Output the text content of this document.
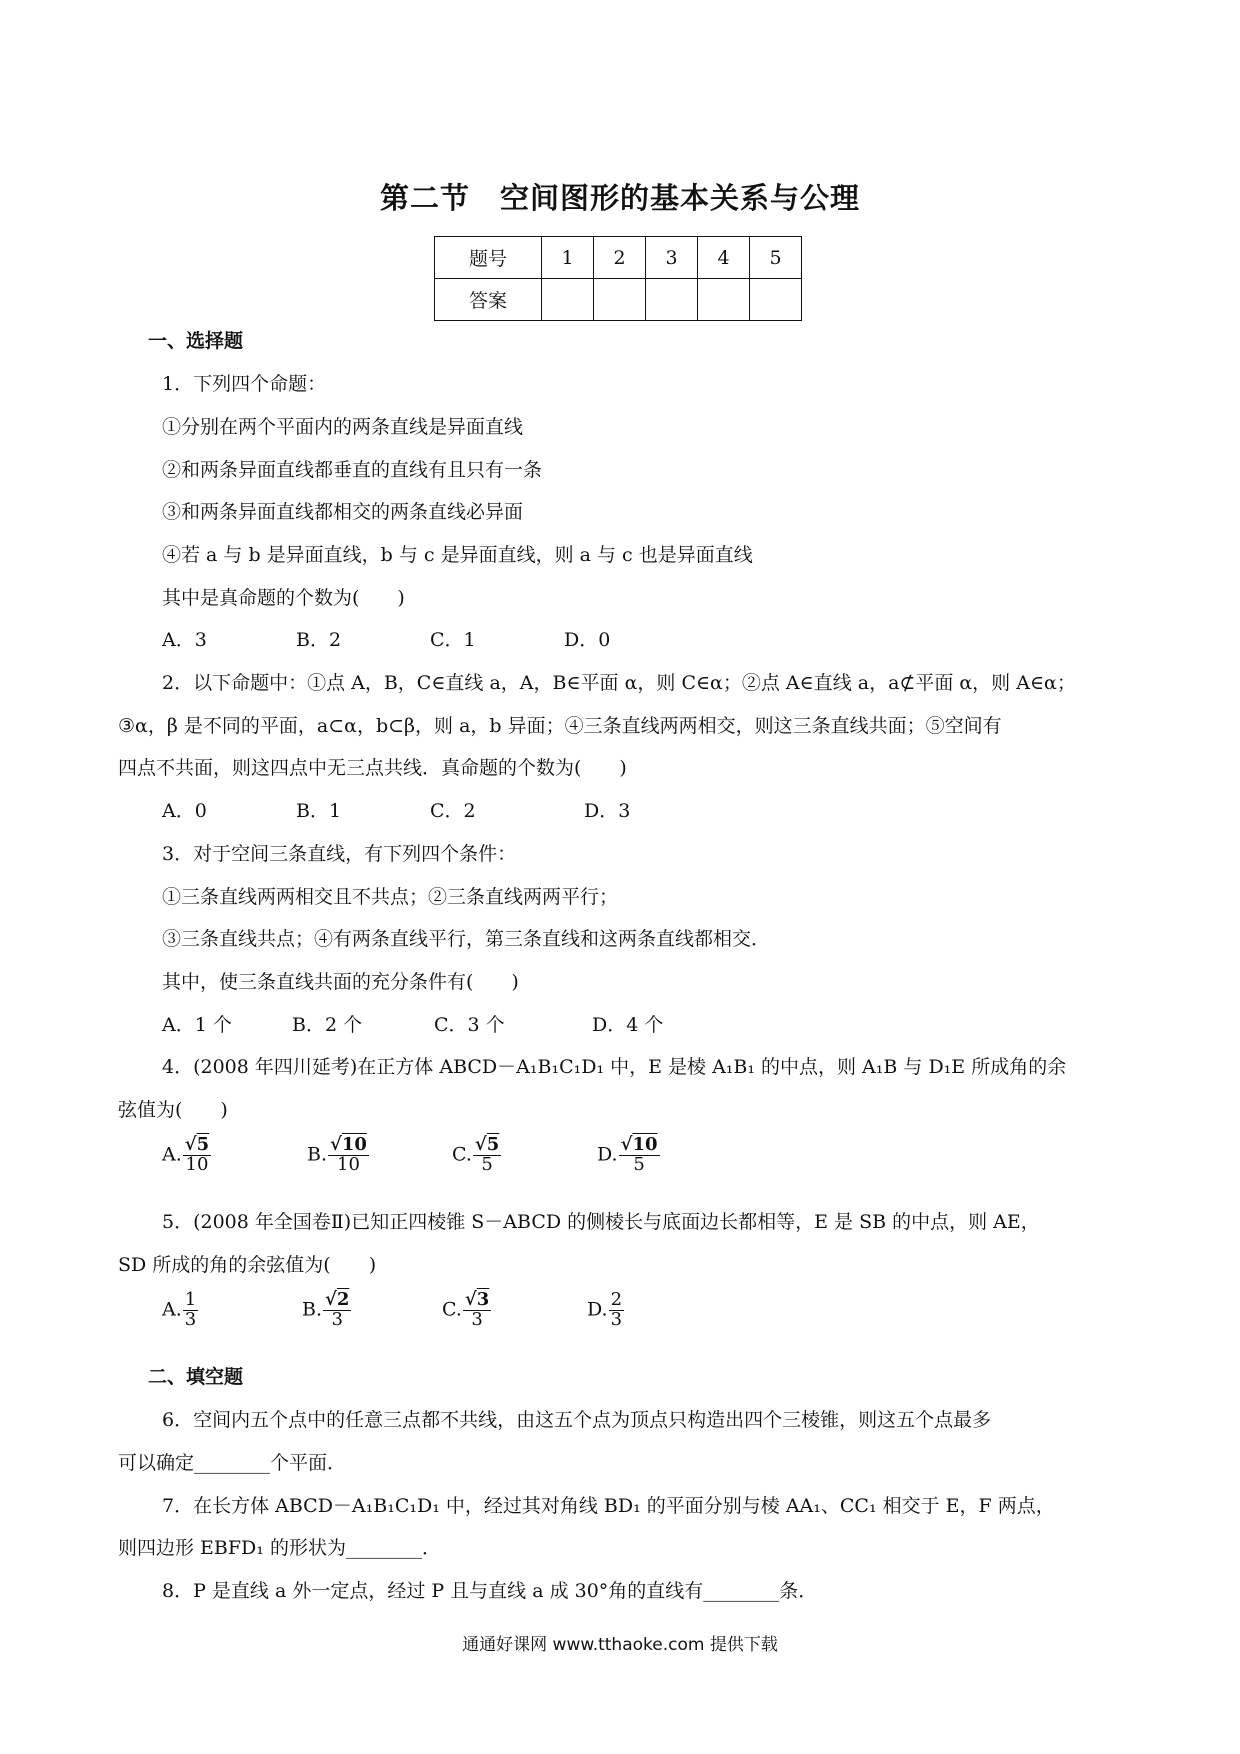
第二节　空间图形的基本关系与公理
题号	1	2	3	4	5
答案					
一、选择题
1．下列四个命题：
①分别在两个平面内的两条直线是异面直线
②和两条异面直线都垂直的直线有且只有一条
③和两条异面直线都相交的两条直线必异面
④若 a 与 b 是异面直线，b 与 c 是异面直线，则 a 与 c 也是异面直线
其中是真命题的个数为(　　)
A．3	B．2	C．1	D．0
2．以下命题中：①点 A，B，C∈直线 a，A，B∈平面 α，则 C∈α；②点 A∈直线 a，a⊄平面 α，则 A∈α；
③α，β 是不同的平面，a⊂α，b⊂β，则 a，b 异面；④三条直线两两相交，则这三条直线共面；⑤空间有
四点不共面，则这四点中无三点共线．真命题的个数为(　　)
A．0	B．1	C．2	D．3
3．对于空间三条直线，有下列四个条件：
①三条直线两两相交且不共点；②三条直线两两平行；
③三条直线共点；④有两条直线平行，第三条直线和这两条直线都相交．
其中，使三条直线共面的充分条件有(　　)
A．1 个	B．2 个	C．3 个	D．4 个
4．(2008 年四川延考)在正方体 ABCD－A₁B₁C₁D₁ 中，E 是棱 A₁B₁ 的中点，则 A₁B 与 D₁E 所成角的余
弦值为(　　)
A. $\frac{√5}{10}$	B. $\frac{√10}{10}$	C. $\frac{√5}{5}$	D. $\frac{√10}{5}$
5．(2008 年全国卷Ⅱ)已知正四棱锥 S－ABCD 的侧棱长与底面边长都相等，E 是 SB 的中点，则 AE，
SD 所成的角的余弦值为(　　)
A. $\frac{1}{3}$	B. $\frac{√2}{3}$	C. $\frac{√3}{3}$	D. $\frac{2}{3}$
二、填空题
6．空间内五个点中的任意三点都不共线，由这五个点为顶点只构造出四个三棱锥，则这五个点最多
可以确定________个平面．
7．在长方体 ABCD－A₁B₁C₁D₁ 中，经过其对角线 BD₁ 的平面分别与棱 AA₁、CC₁ 相交于 E，F 两点，
则四边形 EBFD₁ 的形状为________．
8．P 是直线 a 外一定点，经过 P 且与直线 a 成 30°角的直线有________条．
通通好课网 www.tthaoke.com 提供下载
